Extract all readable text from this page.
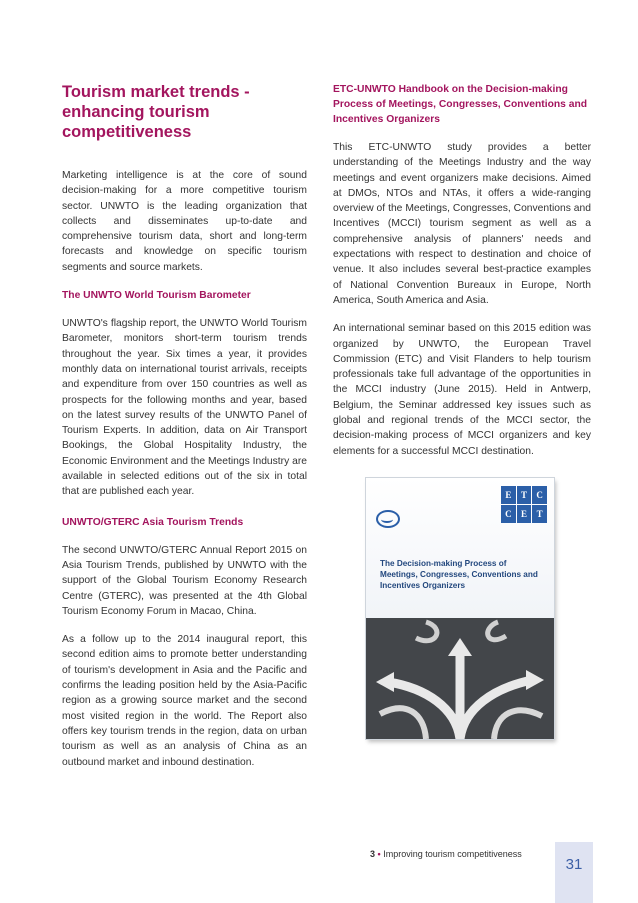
Tourism market trends - enhancing tourism competitiveness

Marketing intelligence is at the core of sound decision-making for a more competitive tourism sector. UNWTO is the leading organization that collects and disseminates up-to-date and comprehensive tourism data, short and long-term forecasts and knowledge on specific tourism segments and source markets.

The UNWTO World Tourism Barometer

UNWTO's flagship report, the UNWTO World Tourism Barometer, monitors short-term tourism trends throughout the year. Six times a year, it provides monthly data on international tourist arrivals, receipts and expenditure from over 150 countries as well as prospects for the following months and year, based on the latest survey results of the UNWTO Panel of Tourism Experts. In addition, data on Air Transport Bookings, the Global Hospitality Industry, the Economic Environment and the Meetings Industry are available in selected editions out of the six in total that are published each year.

UNWTO/GTERC Asia Tourism Trends

The second UNWTO/GTERC Annual Report 2015 on Asia Tourism Trends, published by UNWTO with the support of the Global Tourism Economy Research Centre (GTERC), was presented at the 4th Global Tourism Economy Forum in Macao, China.

As a follow up to the 2014 inaugural report, this second edition aims to promote better understanding of tourism's development in Asia and the Pacific and confirms the leading position held by the Asia-Pacific region as a growing source market and the second most visited region in the world. The Report also offers key tourism trends in the region, data on urban tourism as well as an analysis of China as an outbound market and inbound destination.

ETC-UNWTO Handbook on the Decision-making Process of Meetings, Congresses, Conventions and Incentives Organizers

This ETC-UNWTO study provides a better understanding of the Meetings Industry and the way meetings and event organizers make decisions. Aimed at DMOs, NTOs and NTAs, it offers a wide-ranging overview of the Meetings, Congresses, Conventions and Incentives (MCCI) tourism segment as well as a comprehensive analysis of planners' needs and expectations with respect to destination and choice of venue. It also includes several best-practice examples of National Convention Bureaux in Europe, North America, South America and Asia.

An international seminar based on this 2015 edition was organized by UNWTO, the European Travel Commission (ETC) and Visit Flanders to help tourism professionals take full advantage of the opportunities in the MCCI industry (June 2015). Held in Antwerp, Belgium, the Seminar addressed key issues such as global and regional trends of the MCCI sector, the decision-making process of MCCI organizers and key elements for a successful MCCI destination.

E	T	C
C	E	T
The Decision-making Process of Meetings, Congresses, Conventions and Incentives Organizers
3 • Improving tourism competitiveness
31
